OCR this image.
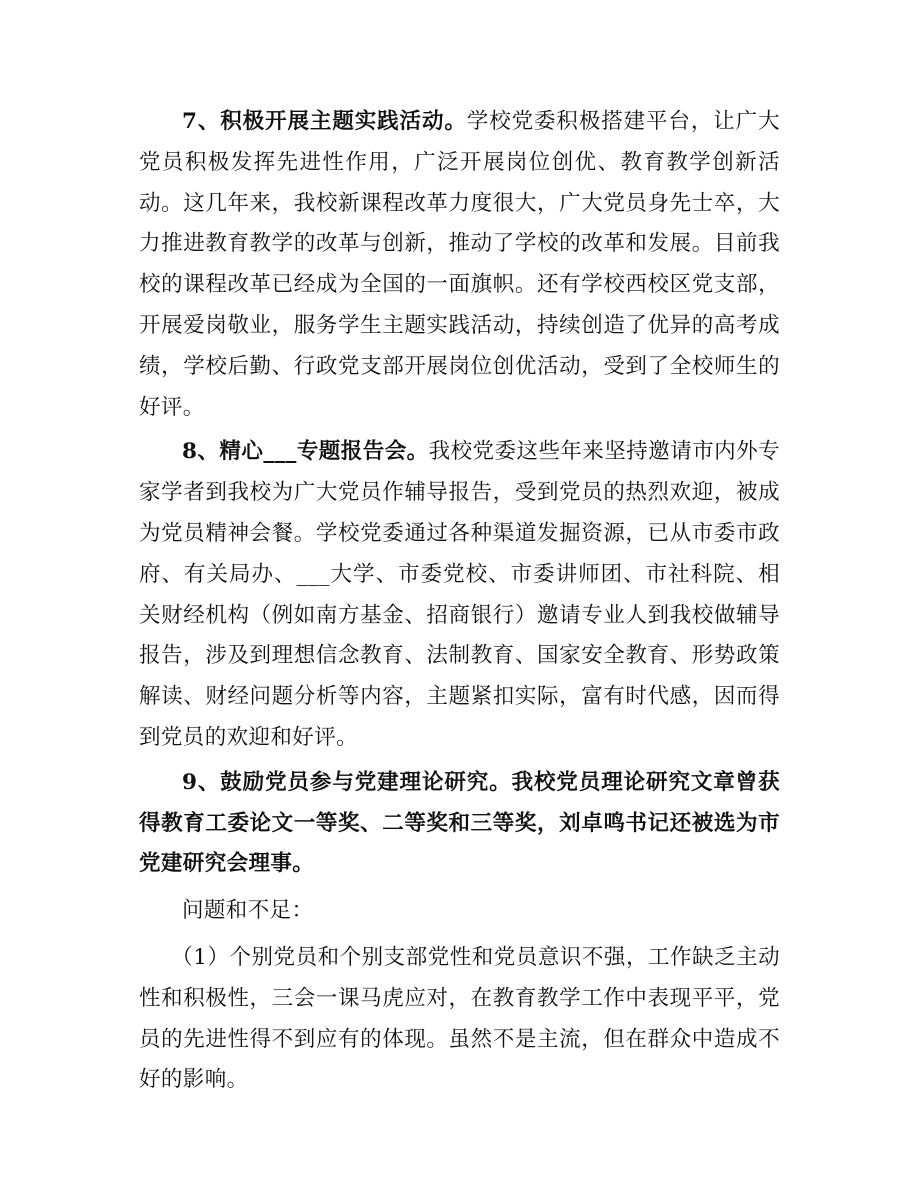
7、积极开展主题实践活动。学校党委积极搭建平台，让广大党员积极发挥先进性作用，广泛开展岗位创优、教育教学创新活动。这几年来，我校新课程改革力度很大，广大党员身先士卒，大力推进教育教学的改革与创新，推动了学校的改革和发展。目前我校的课程改革已经成为全国的一面旗帜。还有学校西校区党支部，开展爱岗敬业，服务学生主题实践活动，持续创造了优异的高考成绩，学校后勤、行政党支部开展岗位创优活动，受到了全校师生的好评。

8、精心___专题报告会。我校党委这些年来坚持邀请市内外专家学者到我校为广大党员作辅导报告，受到党员的热烈欢迎，被成为党员精神会餐。学校党委通过各种渠道发掘资源，已从市委市政府、有关局办、___大学、市委党校、市委讲师团、市社科院、相关财经机构（例如南方基金、招商银行）邀请专业人到我校做辅导报告，涉及到理想信念教育、法制教育、国家安全教育、形势政策解读、财经问题分析等内容，主题紧扣实际，富有时代感，因而得到党员的欢迎和好评。

9、鼓励党员参与党建理论研究。我校党员理论研究文章曾获得教育工委论文一等奖、二等奖和三等奖，刘卓鸣书记还被选为市党建研究会理事。

问题和不足：

（1）个别党员和个别支部党性和党员意识不强，工作缺乏主动性和积极性，三会一课马虎应对，在教育教学工作中表现平平，党员的先进性得不到应有的体现。虽然不是主流，但在群众中造成不好的影响。
